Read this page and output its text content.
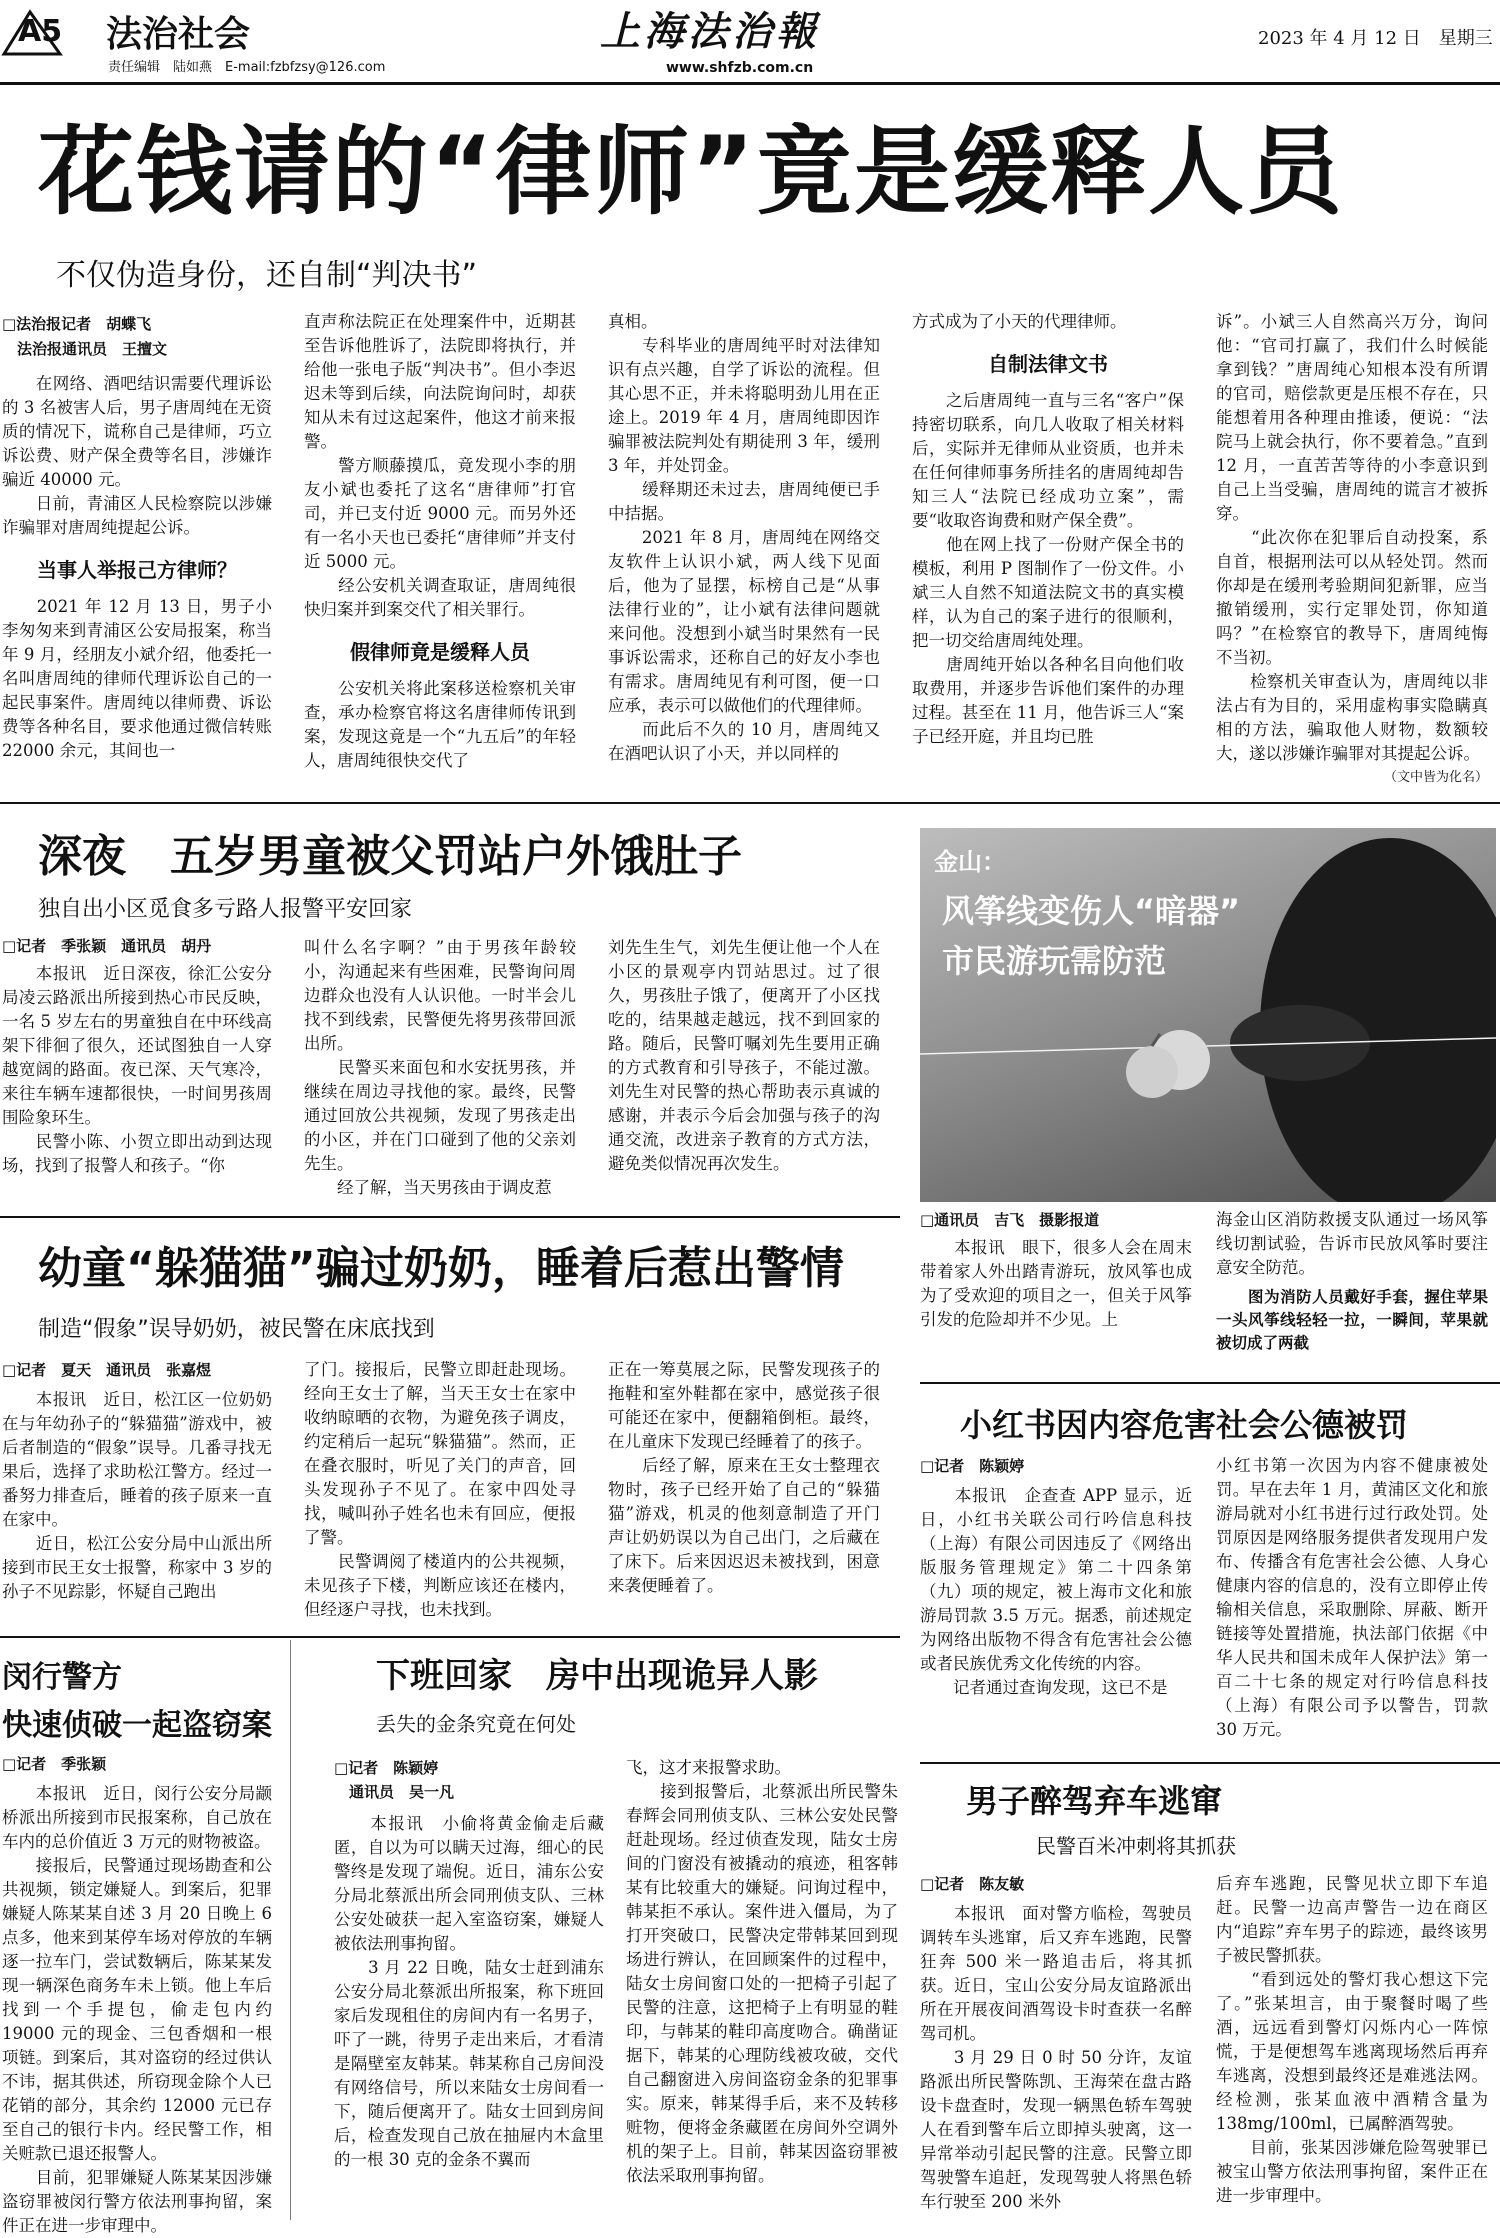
A5 法治社会
责任编辑　陆如燕　E-mail:fzbfzsy@126.com
上海法治報
www.shfzb.com.cn
2023 年 4 月 12 日　星期三
花钱请的“律师”竟是缓释人员
不仅伪造身份，还自制“判决书”
□法治报记者　胡蝶飞
　法治报通讯员　王擅文

　　在网络、酒吧结识需要代理诉讼的 3 名被害人后，男子唐周纯在无资质的情况下，谎称自己是律师，巧立诉讼费、财产保全费等名目，涉嫌诈骗近 40000 元。
　　日前，青浦区人民检察院以涉嫌诈骗罪对唐周纯提起公诉。

当事人举报己方律师？

　　2021 年 12 月 13 日，男子小李匆匆来到青浦区公安局报案，称当年 9 月，经朋友小斌介绍，他委托一名叫唐周纯的律师代理诉讼自己的一起民事案件。唐周纯以律师费、诉讼费等各种名目，要求他通过微信转账 22000 余元，其间也一

直声称法院正在处理案件中，近期甚至告诉他胜诉了，法院即将执行，并给他一张电子版“判决书”。但小李迟迟未等到后续，向法院询问时，却获知从未有过这起案件，他这才前来报警。
　　警方顺藤摸瓜，竟发现小李的朋友小斌也委托了这名“唐律师”打官司，并已支付近 9000 元。而另外还有一名小天也已委托“唐律师”并支付近 5000 元。
　　经公安机关调查取证，唐周纯很快归案并到案交代了相关罪行。

假律师竟是缓释人员

　　公安机关将此案移送检察机关审查，承办检察官将这名唐律师传讯到案，发现这竟是一个“九五后”的年轻人，唐周纯很快交代了

真相。
　　专科毕业的唐周纯平时对法律知识有点兴趣，自学了诉讼的流程。但其心思不正，并未将聪明劲儿用在正途上。2019 年 4 月，唐周纯即因诈骗罪被法院判处有期徒刑 3 年，缓刑 3 年，并处罚金。
　　缓释期还未过去，唐周纯便已手中拮据。
　　2021 年 8 月，唐周纯在网络交友软件上认识小斌，两人线下见面后，他为了显摆，标榜自己是“从事法律行业的”，让小斌有法律问题就来问他。没想到小斌当时果然有一民事诉讼需求，还称自己的好友小李也有需求。唐周纯见有利可图，便一口应承，表示可以做他们的代理律师。
　　而此后不久的 10 月，唐周纯又在酒吧认识了小天，并以同样的

方式成为了小天的代理律师。

自制法律文书

　　之后唐周纯一直与三名“客户”保持密切联系，向几人收取了相关材料后，实际并无律师从业资质，也并未在任何律师事务所挂名的唐周纯却告知三人“法院已经成功立案”，需要“收取咨询费和财产保全费”。
　　他在网上找了一份财产保全书的模板，利用 P 图制作了一份文件。小斌三人自然不知道法院文书的真实模样，认为自己的案子进行的很顺利，把一切交给唐周纯处理。
　　唐周纯开始以各种名目向他们收取费用，并逐步告诉他们案件的办理过程。甚至在 11 月，他告诉三人“案子已经开庭，并且均已胜

诉”。小斌三人自然高兴万分，询问他：“官司打赢了，我们什么时候能拿到钱？”唐周纯心知根本没有所谓的官司，赔偿款更是压根不存在，只能想着用各种理由推诿，便说：“法院马上就会执行，你不要着急。”直到 12 月，一直苦苦等待的小李意识到自己上当受骗，唐周纯的谎言才被拆穿。
　　“此次你在犯罪后自动投案，系自首，根据刑法可以从轻处罚。然而你却是在缓刑考验期间犯新罪，应当撤销缓刑，实行定罪处罚，你知道吗？”在检察官的教导下，唐周纯悔不当初。
　　检察机关审查认为，唐周纯以非法占有为目的，采用虚构事实隐瞒真相的方法，骗取他人财物，数额较大，遂以涉嫌诈骗罪对其提起公诉。

（文中皆为化名）

深夜　五岁男童被父罚站户外饿肚子
独自出小区觅食多亏路人报警平安回家
□记者　季张颖　通讯员　胡丹

　　本报讯　近日深夜，徐汇公安分局凌云路派出所接到热心市民反映，一名 5 岁左右的男童独自在中环线高架下徘徊了很久，还试图独自一人穿越宽阔的路面。夜已深、天气寒冷，来往车辆车速都很快，一时间男孩周围险象环生。
　　民警小陈、小贺立即出动到达现场，找到了报警人和孩子。“你

叫什么名字啊？”由于男孩年龄较小，沟通起来有些困难，民警询问周边群众也没有人认识他。一时半会儿找不到线索，民警便先将男孩带回派出所。
　　民警买来面包和水安抚男孩，并继续在周边寻找他的家。最终，民警通过回放公共视频，发现了男孩走出的小区，并在门口碰到了他的父亲刘先生。
　　经了解，当天男孩由于调皮惹

刘先生生气，刘先生便让他一个人在小区的景观亭内罚站思过。过了很久，男孩肚子饿了，便离开了小区找吃的，结果越走越远，找不到回家的路。随后，民警叮嘱刘先生要用正确的方式教育和引导孩子，不能过激。刘先生对民警的热心帮助表示真诚的感谢，并表示今后会加强与孩子的沟通交流，改进亲子教育的方式方法，避免类似情况再次发生。

金山：
风筝线变伤人“暗器”
市民游玩需防范
□通讯员　吉飞　摄影报道

　　本报讯　眼下，很多人会在周末带着家人外出踏青游玩，放风筝也成为了受欢迎的项目之一，但关于风筝引发的危险却并不少见。上

海金山区消防救援支队通过一场风筝线切割试验，告诉市民放风筝时要注意安全防范。

　　图为消防人员戴好手套，握住苹果一头风筝线轻轻一拉，一瞬间，苹果就被切成了两截

幼童“躲猫猫”骗过奶奶，睡着后惹出警情
制造“假象”误导奶奶，被民警在床底找到
□记者　夏天　通讯员　张嘉煜

　　本报讯　近日，松江区一位奶奶在与年幼孙子的“躲猫猫”游戏中，被后者制造的“假象”误导。几番寻找无果后，选择了求助松江警方。经过一番努力排查后，睡着的孩子原来一直在家中。
　　近日，松江公安分局中山派出所接到市民王女士报警，称家中 3 岁的孙子不见踪影，怀疑自己跑出

了门。接报后，民警立即赶赴现场。经向王女士了解，当天王女士在家中收纳晾晒的衣物，为避免孩子调皮，约定稍后一起玩“躲猫猫”。然而，正在叠衣服时，听见了关门的声音，回头发现孙子不见了。在家中四处寻找，喊叫孙子姓名也未有回应，便报了警。
　　民警调阅了楼道内的公共视频，未见孩子下楼，判断应该还在楼内，但经逐户寻找，也未找到。

正在一筹莫展之际，民警发现孩子的拖鞋和室外鞋都在家中，感觉孩子很可能还在家中，便翻箱倒柜。最终，在儿童床下发现已经睡着了的孩子。
　　后经了解，原来在王女士整理衣物时，孩子已经开始了自己的“躲猫猫”游戏，机灵的他刻意制造了开门声让奶奶误以为自己出门，之后藏在了床下。后来因迟迟未被找到，困意来袭便睡着了。

小红书因内容危害社会公德被罚
□记者　陈颖婷

　　本报讯　企查查 APP 显示，近日，小红书关联公司行吟信息科技（上海）有限公司因违反了《网络出版服务管理规定》第二十四条第（九）项的规定，被上海市文化和旅游局罚款 3.5 万元。据悉，前述规定为网络出版物不得含有危害社会公德或者民族优秀文化传统的内容。
　　记者通过查询发现，这已不是

小红书第一次因为内容不健康被处罚。早在去年 1 月，黄浦区文化和旅游局就对小红书进行过行政处罚。处罚原因是网络服务提供者发现用户发布、传播含有危害社会公德、人身心健康内容的信息的，没有立即停止传输相关信息，采取删除、屏蔽、断开链接等处置措施，执法部门依据《中华人民共和国未成年人保护法》第一百二十七条的规定对行吟信息科技（上海）有限公司予以警告，罚款 30 万元。

闵行警方
快速侦破一起盗窃案
□记者　季张颖

　　本报讯　近日，闵行公安分局颛桥派出所接到市民报案称，自己放在车内的总价值近 3 万元的财物被盗。
　　接报后，民警通过现场勘查和公共视频，锁定嫌疑人。到案后，犯罪嫌疑人陈某某自述 3 月 20 日晚上 6 点多，他来到某停车场对停放的车辆逐一拉车门，尝试数辆后，陈某某发现一辆深色商务车未上锁。他上车后找到一个手提包，偷走包内约 19000 元的现金、三包香烟和一根项链。到案后，其对盗窃的经过供认不讳，据其供述，所窃现金除个人已花销的部分，其余约 12000 元已存至自己的银行卡内。经民警工作，相关赃款已退还报警人。
　　目前，犯罪嫌疑人陈某某因涉嫌盗窃罪被闵行警方依法刑事拘留，案件正在进一步审理中。

下班回家　房中出现诡异人影
丢失的金条究竟在何处
□记者　陈颖婷
　通讯员　吴一凡

　　本报讯　小偷将黄金偷走后藏匿，自以为可以瞒天过海，细心的民警终是发现了端倪。近日，浦东公安分局北蔡派出所会同刑侦支队、三林公安处破获一起入室盗窃案，嫌疑人被依法刑事拘留。
　　3 月 22 日晚，陆女士赶到浦东公安分局北蔡派出所报案，称下班回家后发现租住的房间内有一名男子，吓了一跳，待男子走出来后，才看清是隔壁室友韩某。韩某称自己房间没有网络信号，所以来陆女士房间看一下，随后便离开了。陆女士回到房间后，检查发现自己放在抽屉内木盒里的一根 30 克的金条不翼而

飞，这才来报警求助。
　　接到报警后，北蔡派出所民警朱春辉会同刑侦支队、三林公安处民警赶赴现场。经过侦查发现，陆女士房间的门窗没有被撬动的痕迹，租客韩某有比较重大的嫌疑。问询过程中，韩某拒不承认。案件进入僵局，为了打开突破口，民警决定带韩某回到现场进行辨认，在回顾案件的过程中，陆女士房间窗口处的一把椅子引起了民警的注意，这把椅子上有明显的鞋印，与韩某的鞋印高度吻合。确凿证据下，韩某的心理防线被攻破，交代自己翻窗进入房间盗窃金条的犯罪事实。原来，韩某得手后，来不及转移赃物，便将金条藏匿在房间外空调外机的架子上。目前，韩某因盗窃罪被依法采取刑事拘留。

男子醉驾弃车逃窜
民警百米冲刺将其抓获
□记者　陈友敏

　　本报讯　面对警方临检，驾驶员调转车头逃窜，后又弃车逃跑，民警狂奔 500 米一路追击后，将其抓获。近日，宝山公安分局友谊路派出所在开展夜间酒驾设卡时查获一名醉驾司机。
　　3 月 29 日 0 时 50 分许，友谊路派出所民警陈凯、王海荣在盘古路设卡盘查时，发现一辆黑色轿车驾驶人在看到警车后立即掉头驶离，这一异常举动引起民警的注意。民警立即驾驶警车追赶，发现驾驶人将黑色轿车行驶至 200 米外

后弃车逃跑，民警见状立即下车追赶。民警一边高声警告一边在商区内“追踪”弃车男子的踪迹，最终该男子被民警抓获。
　　“看到远处的警灯我心想这下完了。”张某坦言，由于聚餐时喝了些酒，远远看到警灯闪烁内心一阵惊慌，于是便想驾车逃离现场然后再弃车逃离，没想到最终还是难逃法网。经检测，张某血液中酒精含量为 138mg/100ml，已属醉酒驾驶。
　　目前，张某因涉嫌危险驾驶罪已被宝山警方依法刑事拘留，案件正在进一步审理中。
